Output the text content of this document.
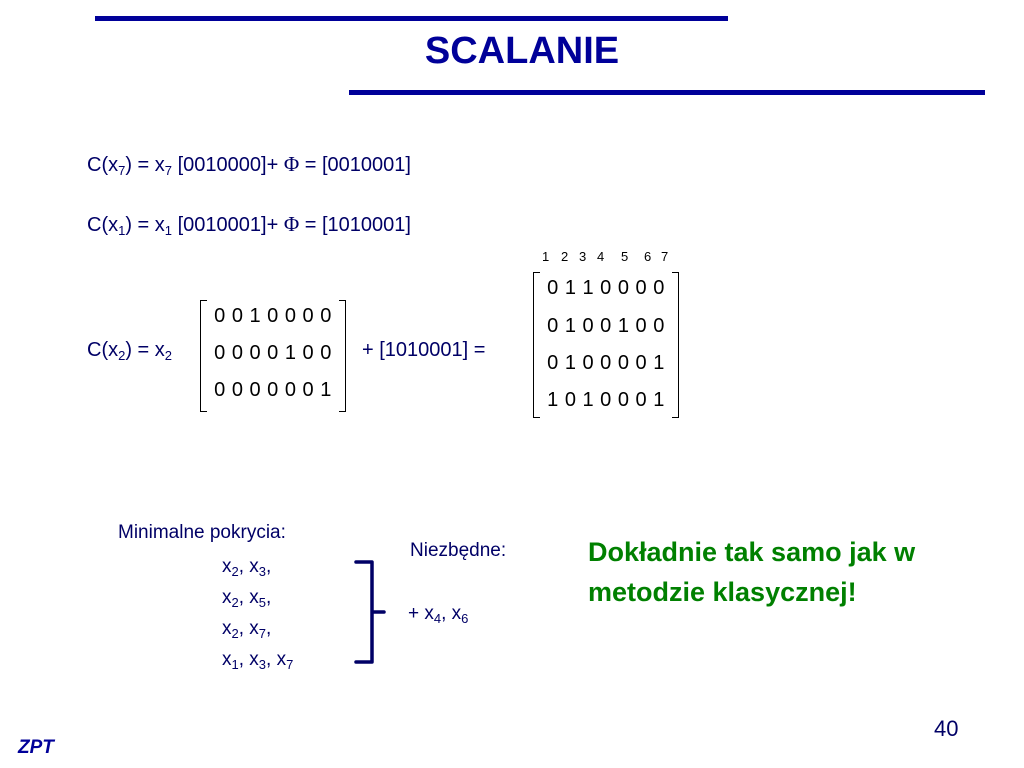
SCALANIE
$C(x_7) = x_7$ [0010000]+ Φ = [0010001]
$C(x_1) = x_1$ [0010001]+ Φ = [1010001]
1 2 3 4 5 6 7
$C(x_2) = x_2$
0 0 1 0 0 0 0
0 0 0 0 1 0 0
0 0 0 0 0 0 1
+ [1010001] =
0 1 1 0 0 0 0
0 1 0 0 1 0 0
0 1 0 0 0 0 1
1 0 1 0 0 0 1
Minimalne pokrycia:
$x_2$, $x_3$,
$x_2$, $x_5$,
$x_2$, $x_7$,
$x_1$, $x_3$, $x_7$
Niezbędne:
+ $x_4$, $x_6$
Dokładnie tak samo jak w metodzie klasycznej!
ZPT
40
